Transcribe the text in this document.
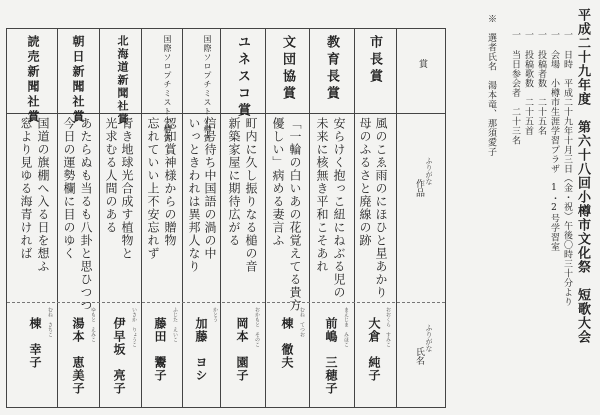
平成二十九年度　第六十八回小樽市文化祭　短歌大会
一 日時　平成二十九年十月三日（金・祝）午後〇時三十分より
一 会場　小樽市生涯学習プラザ　1・2号学習室
一 投稿者数　二十五名
一 投稿歌数　二十五首
一 当日参会者　二十三名
※　選者氏名　湯本竜、那須愛子
賞
ふりがな
作品
ふりがな
氏名
市長賞
風のこゑ雨のにほひと星あかり
母のふるさと廃線の跡
おおくら　すみこ
大倉　純子
教育長賞
安らけく抱っこ紐にねぶる児の
未来に核無き平和こそあれ
まえじま　みほこ
前嶋　三穂子
文団協賞
「一輪の白いあの花覚えてる貴方
優しい」病める妻言ふ
むね　てつお
棟　徹夫
ユネスコ賞
町内に久し振りなる槌の音
新築家屋に期待広がる
おかもと　そのこ
岡本　園子
国際ソロプチミスト小樽賞
信号待ち中国語の渦の中
いっときわれは異邦人なり
かとう
加藤　ヨシ
国際ソロプチミスト小樽賞
認知賞神様からの贈物
忘れていい上不安忘れず
ふじた　えいこ
藤田　鬻子
北海道新聞社賞
青き地球光合成す植物と
光求むる人間のある
いさか　りょうこ
伊早坂　亮子
朝日新聞社賞
あたらぬも当るも八卦と思ひつつ
今日の運勢欄に目のゆく
ゆもと　えみこ
湯本　恵美子
読売新聞社賞
国道の旗棚へ入る日を想ふ
窓より見ゆる海青ければ
むね　さちこ
棟　幸子
